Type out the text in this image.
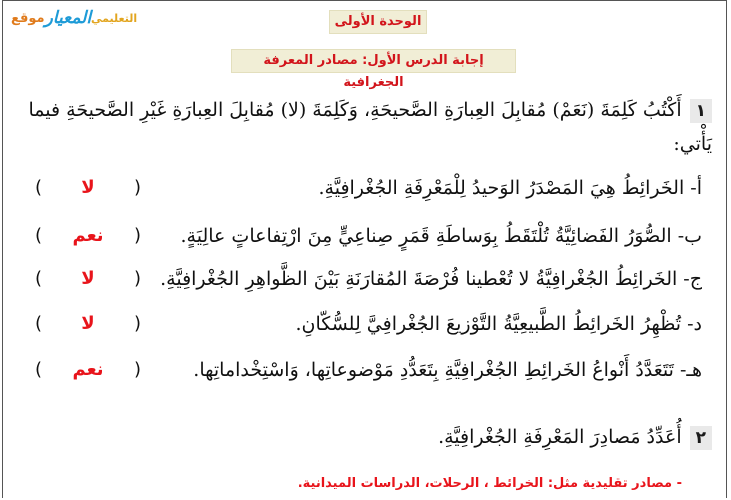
موقع المعيار التعليمي	الوحدة الأولى
إجابة الدرس الأول: مصادر المعرفة الجغرافية
١أَكْتُبُ كَلِمَةَ (نَعَمْ) مُقابِلَ العِبارَةِ الصَّحيحَةِ، وَكَلِمَةَ (لا) مُقابِلَ العِبارَةِ غَيْرِ الصَّحيحَةِ فيما يَأْتي:
أ- الخَرائِطُ هِيَ المَصْدَرُ الوَحيدُ لِلْمَعْرِفَةِ الجُغْرافِيَّةِ.
(
لا
)
ب- الصُّوَرُ الفَضائِيَّةُ تُلْتَقَطُ بِوَساطَةِ قَمَرٍ صِناعِيٍّ مِنَ ارْتِفاعاتٍ عالِيَةٍ.
(
نعم
)
ج- الخَرائِطُ الجُغْرافِيَّةُ لا تُعْطينا فُرْصَةَ المُقارَنَةِ بَيْنَ الظَّواهِرِ الجُغْرافِيَّةِ.
(
لا
)
د- تُظْهِرُ الخَرائِطُ الطَّبيعِيَّةُ التَّوْزيعَ الجُغْرافِيَّ لِلسُّكّانِ.
(
لا
)
هـ- تَتَعَدَّدُ أَنْواعُ الخَرائِطِ الجُغْرافِيَّةِ بِتَعَدُّدِ مَوْضوعاتِها، وَاسْتِخْداماتِها.
(
نعم
)
٢أُعَدِّدُ مَصادِرَ المَعْرِفَةِ الجُغْرافِيَّةِ.
- مصادر تقليدية مثل: الخرائط ، الرحلات، الدراسات الميدانية.
